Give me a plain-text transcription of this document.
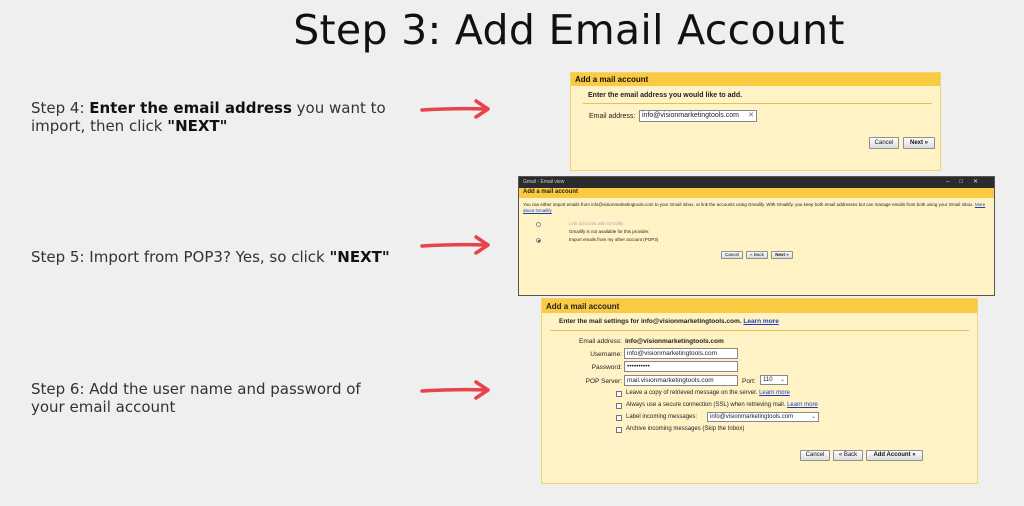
Step 3: Add Email Account
Step 4: Enter the email address you want to import, then click "NEXT"
Step 5: Import from POP3? Yes, so click "NEXT"
Step 6: Add the user name and password of your email account
Add a mail account
Enter the email address you would like to add.
Email address: info@visionmarketingtools.com ✕
Cancel	Next »
Gmail - Email view	–□✕
Add a mail account
You can either import emails from info@visionmarketingtools.com to your Gmail inbox, or link the accounts using Gmailify. With Gmailify, you keep both email addresses but can manage emails from both using your Gmail inbox. More about Gmailify
Link accounts with Gmailify
Gmailify is not available for this provider.
Import emails from my other account (POP3)
Cancel	« Back	Next »
Add a mail account
Enter the mail settings for info@visionmarketingtools.com. Learn more
Email address: info@visionmarketingtools.com
Username: info@visionmarketingtools.com
Password: ••••••••••
POP Server: mail.visionmarketingtools.com	Port:	110 ⌄
Leave a copy of retrieved message on the server. Learn more
Always use a secure connection (SSL) when retrieving mail. Learn more
Label incoming messages:	info@visionmarketingtools.com	⌄
Archive incoming messages (Skip the Inbox)
Cancel	« Back	Add Account »
